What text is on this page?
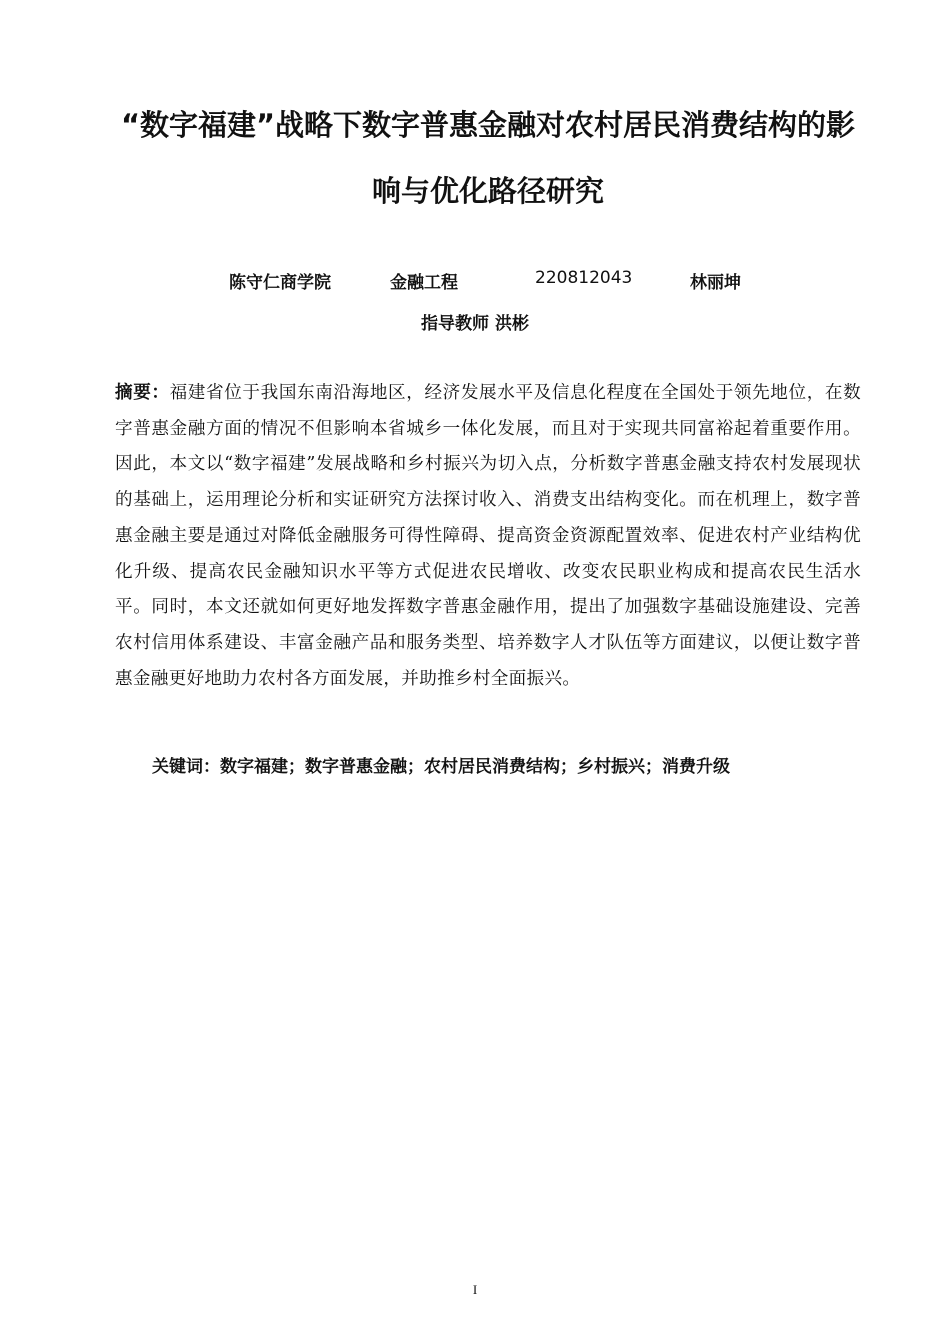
“数字福建”战略下数字普惠金融对农村居民消费结构的影
响与优化路径研究
陈守仁商学院	金融工程	220812043	林丽坤
指导教师 洪彬

摘要：福建省位于我国东南沿海地区，经济发展水平及信息化程度在全国处于领先地位，在数字普惠金融方面的情况不但影响本省城乡一体化发展，而且对于实现共同富裕起着重要作用。因此，本文以“数字福建”发展战略和乡村振兴为切入点，分析数字普惠金融支持农村发展现状的基础上，运用理论分析和实证研究方法探讨收入、消费支出结构变化。而在机理上，数字普惠金融主要是通过对降低金融服务可得性障碍、提高资金资源配置效率、促进农村产业结构优化升级、提高农民金融知识水平等方式促进农民增收、改变农民职业构成和提高农民生活水平。同时，本文还就如何更好地发挥数字普惠金融作用，提出了加强数字基础设施建设、完善农村信用体系建设、丰富金融产品和服务类型、培养数字人才队伍等方面建议，以便让数字普惠金融更好地助力农村各方面发展，并助推乡村全面振兴。

关键词：数字福建；数字普惠金融；农村居民消费结构；乡村振兴；消费升级
I
